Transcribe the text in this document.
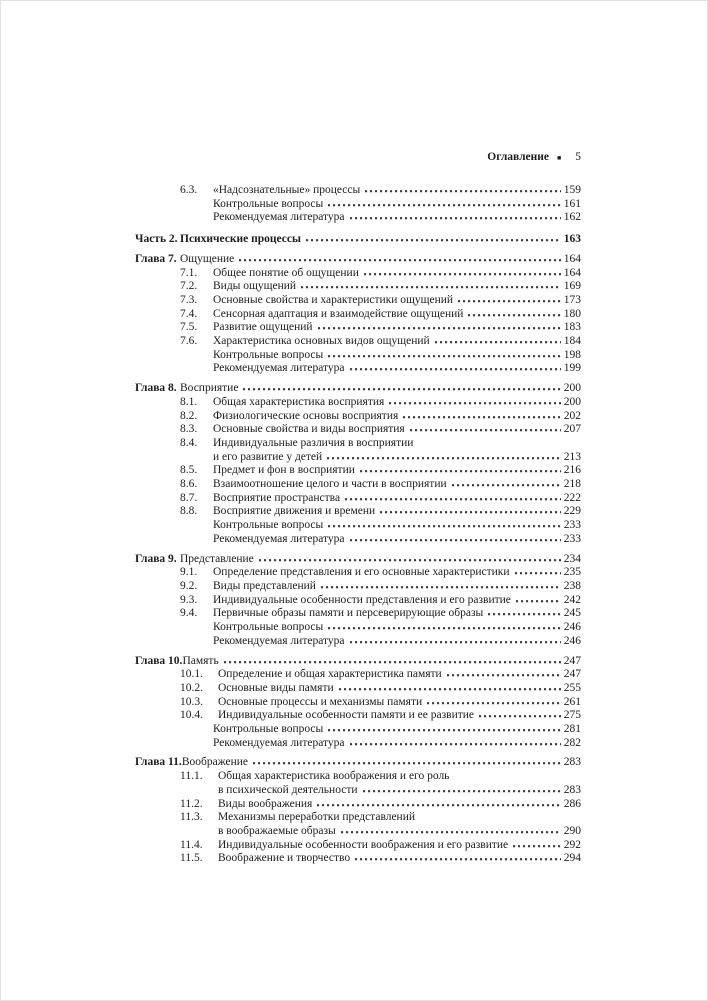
Оглавление ■ 5
6.3.	«Надсознательные» процессы	159
Контрольные вопросы	161
Рекомендуемая литература	162
Часть 2. Психические процессы	163
Глава 7. Ощущение	164
7.1.	Общее понятие об ощущении	164
7.2.	Виды ощущений	169
7.3.	Основные свойства и характеристики ощущений	173
7.4.	Сенсорная адаптация и взаимодействие ощущений	180
7.5.	Развитие ощущений	183
7.6.	Характеристика основных видов ощущений	184
Контрольные вопросы	198
Рекомендуемая литература	199
Глава 8. Восприятие	200
8.1.	Общая характеристика восприятия	200
8.2.	Физиологические основы восприятия	202
8.3.	Основные свойства и виды восприятия	207
8.4.	Индивидуальные различия в восприятии
и его развитие у детей	213
8.5.	Предмет и фон в восприятии	216
8.6.	Взаимоотношение целого и части в восприятии	218
8.7.	Восприятие пространства	222
8.8.	Восприятие движения и времени	229
Контрольные вопросы	233
Рекомендуемая литература	233
Глава 9. Представление	234
9.1.	Определение представления и его основные характеристики	235
9.2.	Виды представлений	238
9.3.	Индивидуальные особенности представления и его развитие	242
9.4.	Первичные образы памяти и персеверирующие образы	245
Контрольные вопросы	246
Рекомендуемая литература	246
Глава 10. Память	247
10.1.	Определение и общая характеристика памяти	247
10.2.	Основные виды памяти	255
10.3.	Основные процессы и механизмы памяти	261
10.4.	Индивидуальные особенности памяти и ее развитие	275
Контрольные вопросы	281
Рекомендуемая литература	282
Глава 11. Воображение	283
11.1.	Общая характеристика воображения и его роль
в психической деятельности	283
11.2.	Виды воображения	286
11.3.	Механизмы переработки представлений
в воображаемые образы	290
11.4.	Индивидуальные особенности воображения и его развитие	292
11.5.	Воображение и творчество	294
